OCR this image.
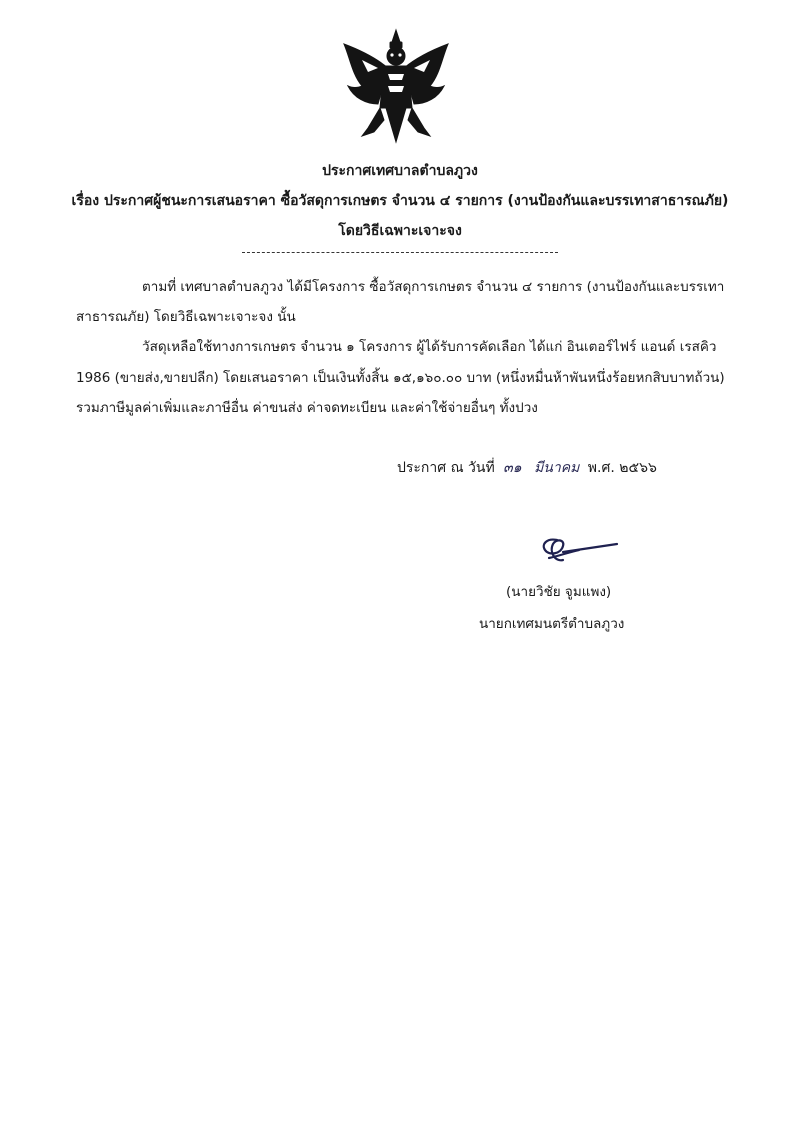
ประกาศเทศบาลตำบลภูวง
เรื่อง ประกาศผู้ชนะการเสนอราคา ซื้อวัสดุการเกษตร จำนวน ๔ รายการ (งานป้องกันและบรรเทาสาธารณภัย)
โดยวิธีเฉพาะเจาะจง
ตามที่ เทศบาลตำบลภูวง ได้มีโครงการ ซื้อวัสดุการเกษตร จำนวน ๔ รายการ (งานป้องกันและบรรเทา
สาธารณภัย) โดยวิธีเฉพาะเจาะจง นั้น
วัสดุเหลือใช้ทางการเกษตร จำนวน ๑ โครงการ ผู้ได้รับการคัดเลือก ได้แก่ อินเตอร์ไฟร์ แอนด์ เรสคิว
1986 (ขายส่ง,ขายปลีก) โดยเสนอราคา เป็นเงินทั้งสิ้น ๑๕,๑๖๐.๐๐ บาท (หนึ่งหมื่นห้าพันหนึ่งร้อยหกสิบบาทถ้วน)
รวมภาษีมูลค่าเพิ่มและภาษีอื่น ค่าขนส่ง ค่าจดทะเบียน และค่าใช้จ่ายอื่นๆ ทั้งปวง
ประกาศ ณ วันที่ ๓๑ มีนาคม พ.ศ. ๒๕๖๖
(นายวิชัย จูมแพง)
นายกเทศมนตรีตำบลภูวง
